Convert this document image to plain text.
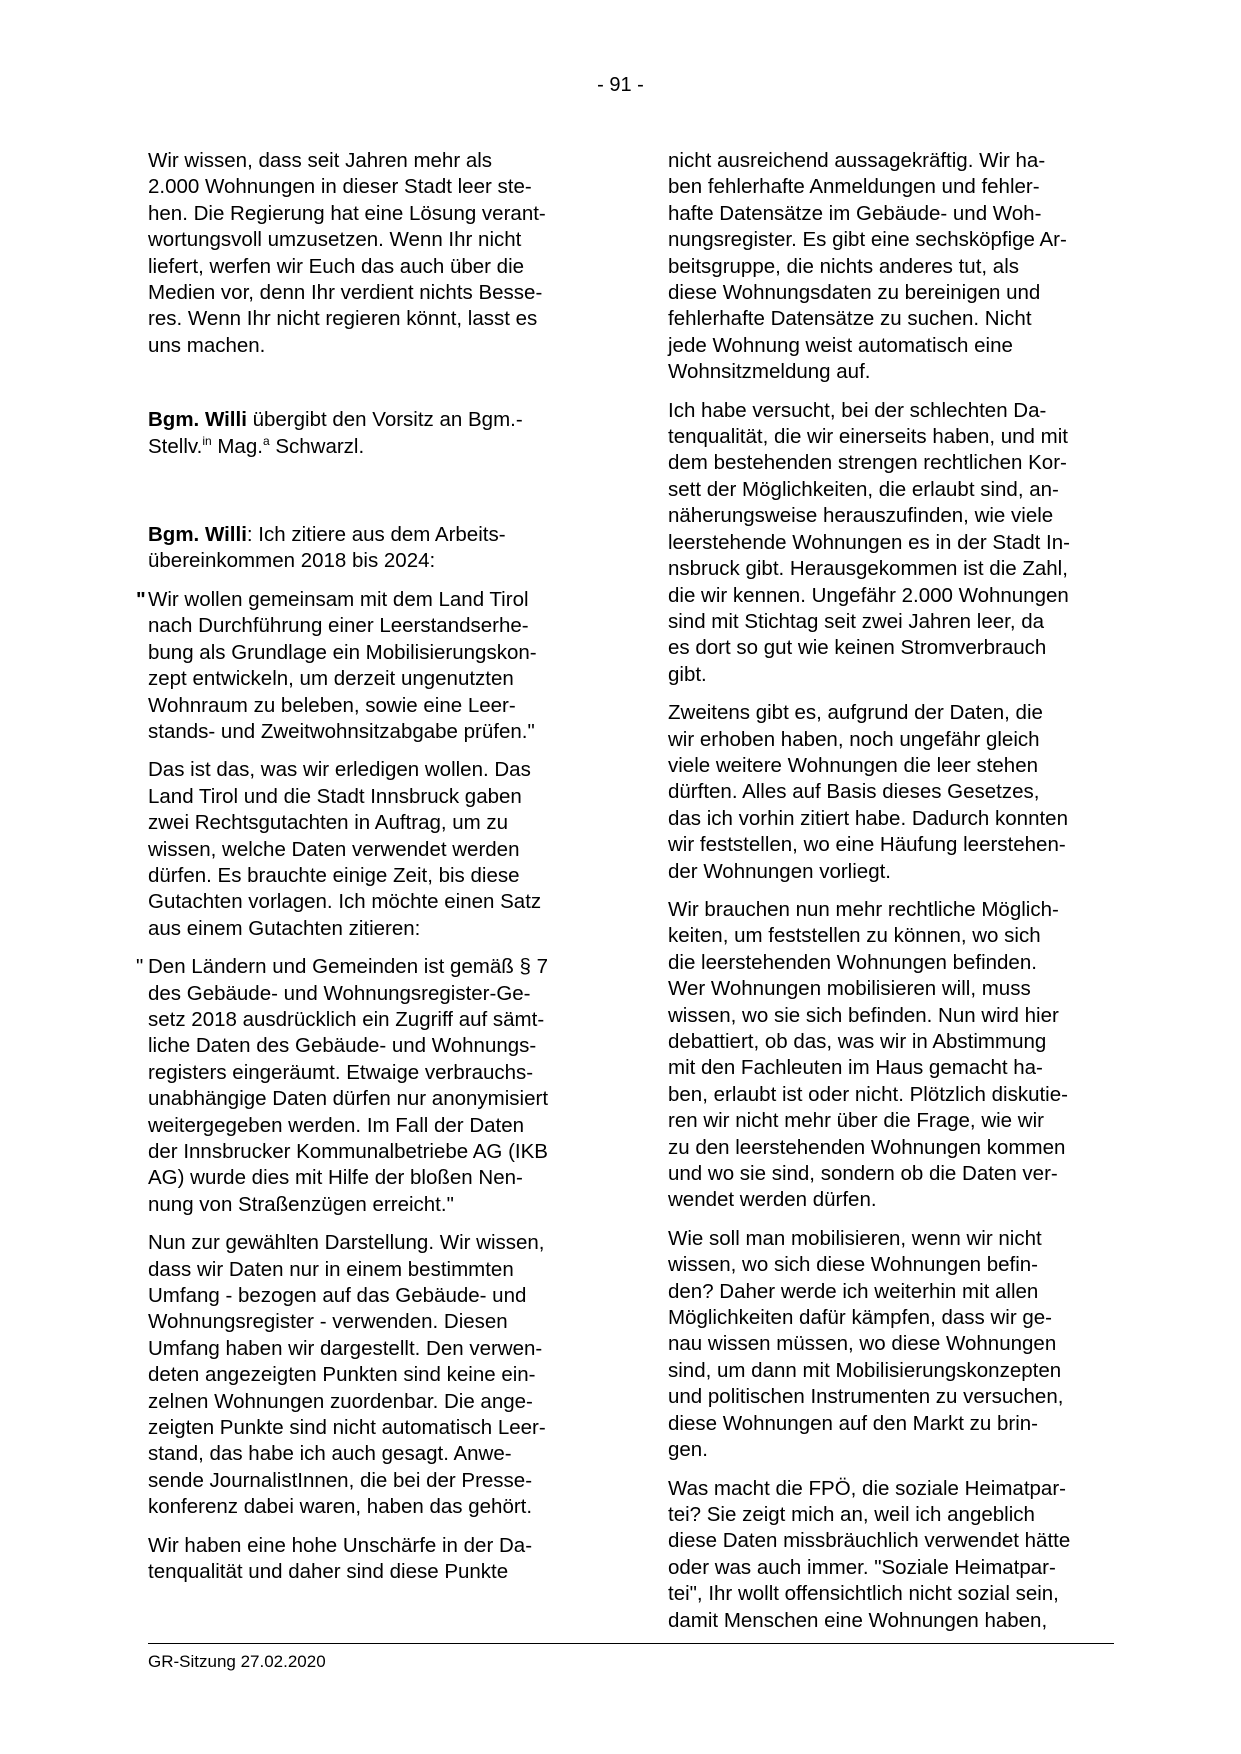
- 91 -

Wir wissen, dass seit Jahren mehr als
2.000 Wohnungen in dieser Stadt leer ste-
hen. Die Regierung hat eine Lösung verant-
wortungsvoll umzusetzen. Wenn Ihr nicht
liefert, werfen wir Euch das auch über die
Medien vor, denn Ihr verdient nichts Besse-
res. Wenn Ihr nicht regieren könnt, lasst es
uns machen.

Bgm. Willi übergibt den Vorsitz an Bgm.-
Stellv.$^{in}$ Mag.$^a$ Schwarzl.

Bgm. Willi: Ich zitiere aus dem Arbeits-
übereinkommen 2018 bis 2024:

" Wir wollen gemeinsam mit dem Land Tirol
nach Durchführung einer Leerstandserhe-
bung als Grundlage ein Mobilisierungskon-
zept entwickeln, um derzeit ungenutzten
Wohnraum zu beleben, sowie eine Leer-
stands- und Zweitwohnsitzabgabe prüfen."

Das ist das, was wir erledigen wollen. Das
Land Tirol und die Stadt Innsbruck gaben
zwei Rechtsgutachten in Auftrag, um zu
wissen, welche Daten verwendet werden
dürfen. Es brauchte einige Zeit, bis diese
Gutachten vorlagen. Ich möchte einen Satz
aus einem Gutachten zitieren:

" Den Ländern und Gemeinden ist gemäß § 7
des Gebäude- und Wohnungsregister-Ge-
setz 2018 ausdrücklich ein Zugriff auf sämt-
liche Daten des Gebäude- und Wohnungs-
registers eingeräumt. Etwaige verbrauchs-
unabhängige Daten dürfen nur anonymisiert
weitergegeben werden. Im Fall der Daten
der Innsbrucker Kommunalbetriebe AG (IKB
AG) wurde dies mit Hilfe der bloßen Nen-
nung von Straßenzügen erreicht."

Nun zur gewählten Darstellung. Wir wissen,
dass wir Daten nur in einem bestimmten
Umfang - bezogen auf das Gebäude- und
Wohnungsregister - verwenden. Diesen
Umfang haben wir dargestellt. Den verwen-
deten angezeigten Punkten sind keine ein-
zelnen Wohnungen zuordenbar. Die ange-
zeigten Punkte sind nicht automatisch Leer-
stand, das habe ich auch gesagt. Anwe-
sende JournalistInnen, die bei der Presse-
konferenz dabei waren, haben das gehört.

Wir haben eine hohe Unschärfe in der Da-
tenqualität und daher sind diese Punkte

nicht ausreichend aussagekräftig. Wir ha-
ben fehlerhafte Anmeldungen und fehler-
hafte Datensätze im Gebäude- und Woh-
nungsregister. Es gibt eine sechsköpfige Ar-
beitsgruppe, die nichts anderes tut, als
diese Wohnungsdaten zu bereinigen und
fehlerhafte Datensätze zu suchen. Nicht
jede Wohnung weist automatisch eine
Wohnsitzmeldung auf.

Ich habe versucht, bei der schlechten Da-
tenqualität, die wir einerseits haben, und mit
dem bestehenden strengen rechtlichen Kor-
sett der Möglichkeiten, die erlaubt sind, an-
näherungsweise herauszufinden, wie viele
leerstehende Wohnungen es in der Stadt In-
nsbruck gibt. Herausgekommen ist die Zahl,
die wir kennen. Ungefähr 2.000 Wohnungen
sind mit Stichtag seit zwei Jahren leer, da
es dort so gut wie keinen Stromverbrauch
gibt.

Zweitens gibt es, aufgrund der Daten, die
wir erhoben haben, noch ungefähr gleich
viele weitere Wohnungen die leer stehen
dürften. Alles auf Basis dieses Gesetzes,
das ich vorhin zitiert habe. Dadurch konnten
wir feststellen, wo eine Häufung leerstehen-
der Wohnungen vorliegt.

Wir brauchen nun mehr rechtliche Möglich-
keiten, um feststellen zu können, wo sich
die leerstehenden Wohnungen befinden.
Wer Wohnungen mobilisieren will, muss
wissen, wo sie sich befinden. Nun wird hier
debattiert, ob das, was wir in Abstimmung
mit den Fachleuten im Haus gemacht ha-
ben, erlaubt ist oder nicht. Plötzlich diskutie-
ren wir nicht mehr über die Frage, wie wir
zu den leerstehenden Wohnungen kommen
und wo sie sind, sondern ob die Daten ver-
wendet werden dürfen.

Wie soll man mobilisieren, wenn wir nicht
wissen, wo sich diese Wohnungen befin-
den? Daher werde ich weiterhin mit allen
Möglichkeiten dafür kämpfen, dass wir ge-
nau wissen müssen, wo diese Wohnungen
sind, um dann mit Mobilisierungskonzepten
und politischen Instrumenten zu versuchen,
diese Wohnungen auf den Markt zu brin-
gen.

Was macht die FPÖ, die soziale Heimatpar-
tei? Sie zeigt mich an, weil ich angeblich
diese Daten missbräuchlich verwendet hätte
oder was auch immer. "Soziale Heimatpar-
tei", Ihr wollt offensichtlich nicht sozial sein,
damit Menschen eine Wohnungen haben,

GR-Sitzung 27.02.2020
